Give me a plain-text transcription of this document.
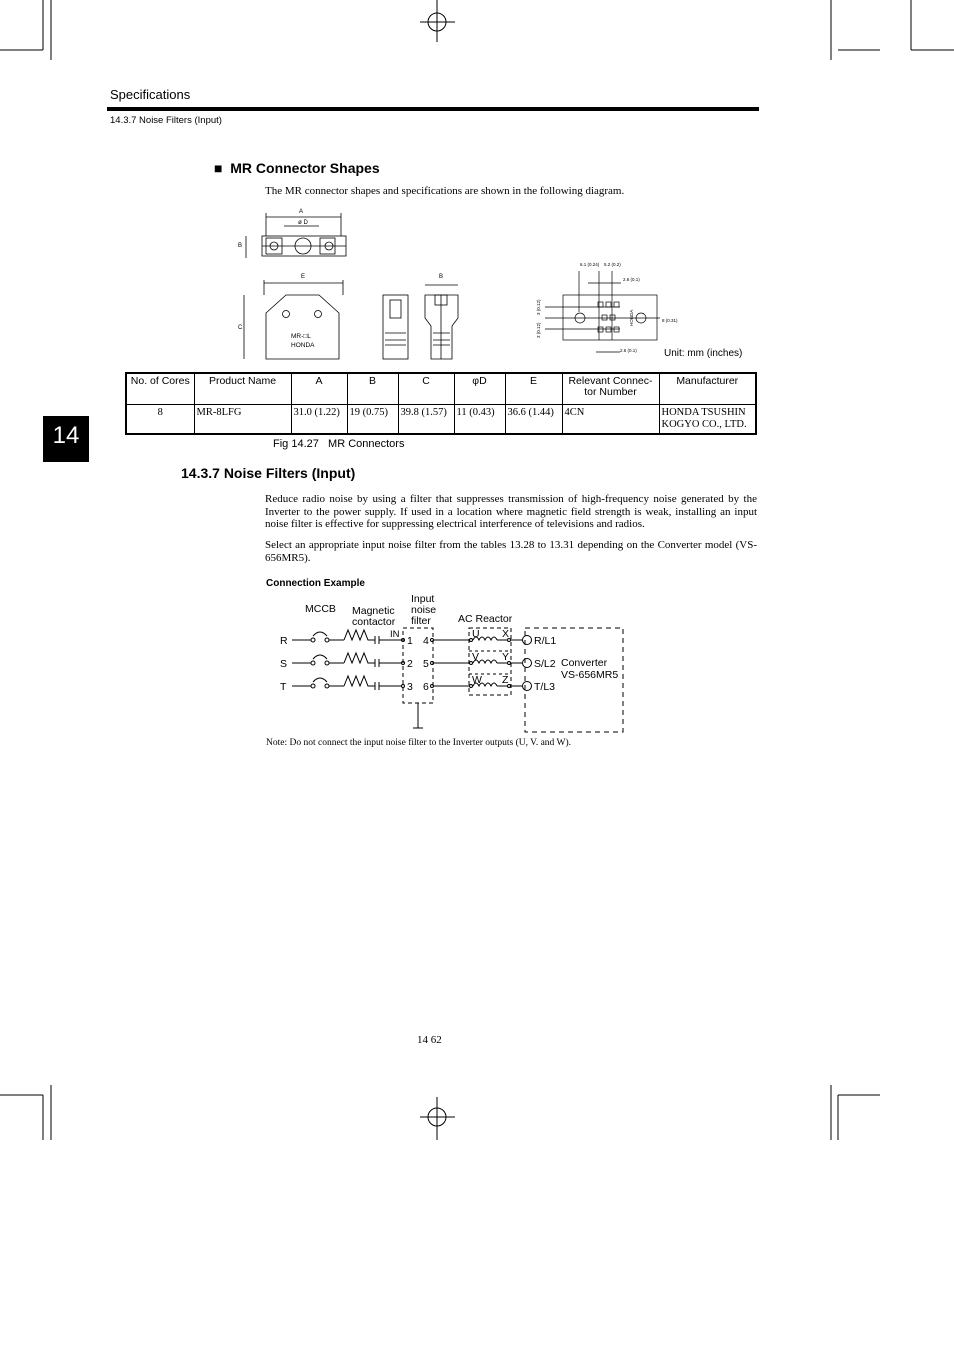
A
ø D
B
E
C
B
MR-□L
HONDA
6.1 (0.24) 5.2 (0.2)
2.6 (0.1)
2.6 (0.1)
8 (0.31)
3 (0.12)
3 (0.12)
HONDA
MCCB Magnetic
contactor
Input
noise
filter	AC Reactor
R
S
T
IN
1
2
3
4
5
6
U
V
W
X
Y
Z
R/L1
S/L2
T/L3
Converter
VS-656MR5
Specifications
14.3.7 Noise Filters (Input)
14
■ MR Connector Shapes
The MR connector shapes and specifications are shown in the following diagram.
Unit: mm (inches)
No. of Cores	Product Name	A	B	C	φD	E	Relevant Connec-tor Number	Manufacturer
8	MR-8LFG	31.0 (1.22)	19 (0.75)	39.8 (1.57)	11 (0.43)	36.6 (1.44)	4CN	HONDA TSUSHIN KOGYO CO., LTD.
Fig 14.27   MR Connectors
14.3.7 Noise Filters (Input)

Reduce radio noise by using a filter that suppresses transmission of high-frequency noise generated by the Inverter to the power supply. If used in a location where magnetic field strength is weak, installing an input noise filter is effective for suppressing electrical interference of televisions and radios.

Select an appropriate input noise filter from the tables 13.28 to 13.31 depending on the Converter model (VS-656MR5).

Connection Example
Note: Do not connect the input noise filter to the Inverter outputs (U, V. and W).
14 62
